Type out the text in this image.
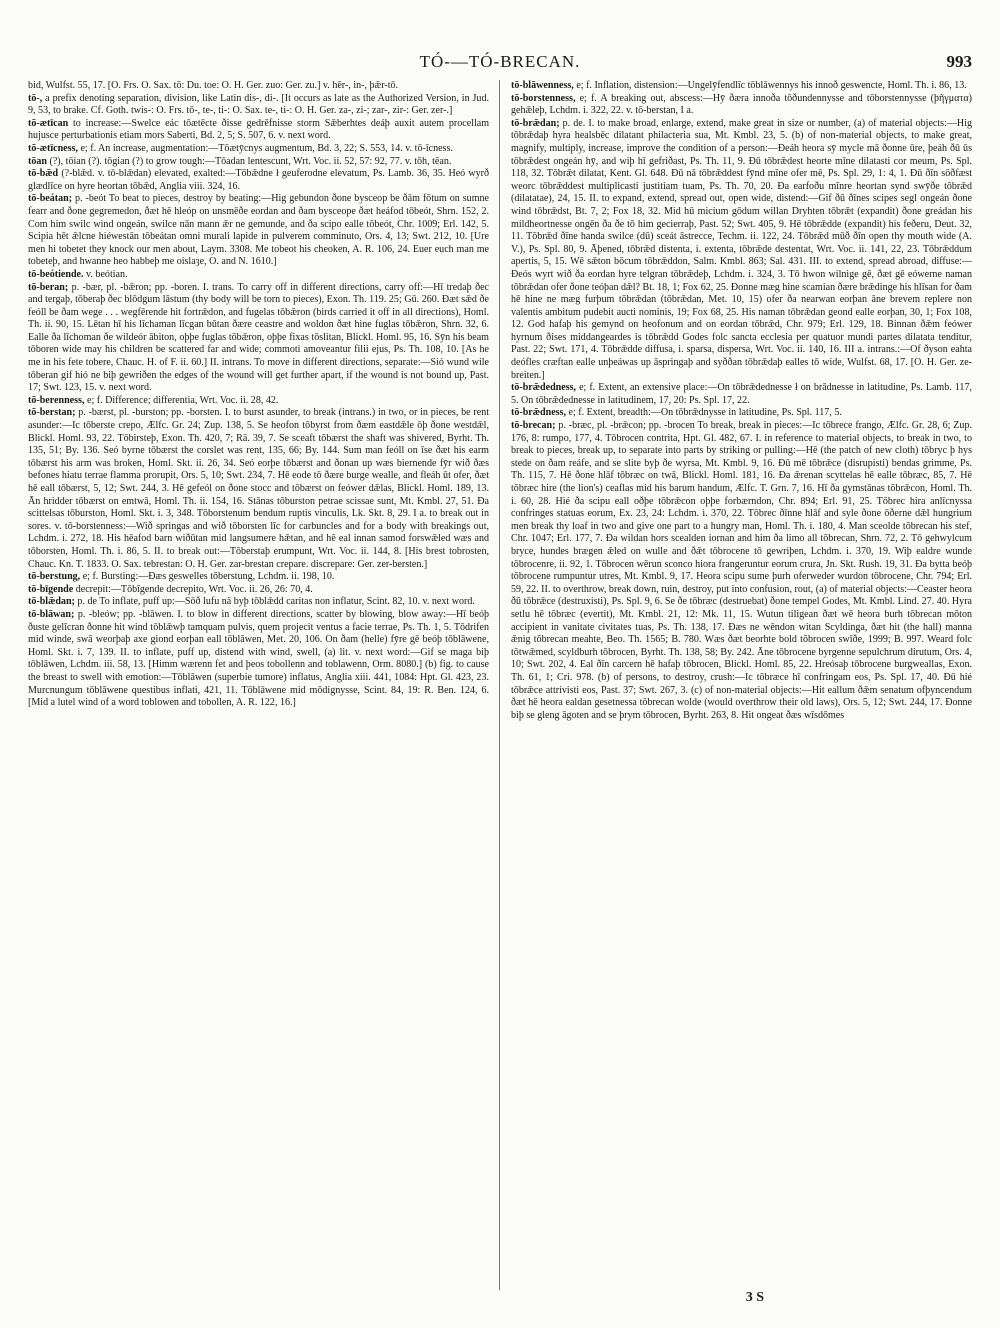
TÓ-—TÓ-BRECAN.	993

bid, Wulfst. 55, 17. [O. Frs. O. Sax. tō: Du. toe: O. H. Ger. zuo: Ger. zu.] v. hēr-, in-, þǣr-tō.

tō-, a prefix denoting separation, division, like Latin dis-, di-. [It occurs as late as the Authorized Version, in Jud. 9, 53, to brake. Cf. Goth. twis-: O. Frs. tō-, te-, ti-: O. Sax. te-, ti-: O. H. Ger. za-, zi-; zar-, zir-: Ger. zer-.]

tō-ætīcan to increase:—Swelce eác tōætēcte ðisse gedrēfnisse storm Sǣberhtes deáþ auxit autem procellam hujusce perturbationis etiam mors Saberti, Bd. 2, 5; S. 507, 6. v. next word.

tō-ætīcness, e; f. An increase, augmentation:—Tōætȳcnys augmentum, Bd. 3, 22; S. 553, 14. v. tō-īcness.

tōan (?), tōian (?). tōgian (?) to grow tough:—Tōadan lentescunt, Wrt. Voc. ii. 52, 57: 92, 77. v. tōh, tēan.

tō-bǣd (?-blǣd. v. tō-blǣdan) elevated, exalted:—Tōbǣdne ł geuferodne elevatum, Ps. Lamb. 36, 35. Heó wyrð glædlīce on hyre heortan tōbǣd, Anglia viii. 324, 16.

tō-beátan; p. -beót To beat to pieces, destroy by beating:—Hig gebundon ðone bysceop be ðām fōtum on sumne fearr and ðone gegremedon, ðæt hē hleóp on unsmēðe eordan and ðam bysceope ðæt heáfod tōbeót, Shrn. 152, 2. Com him swilc wind ongeán, swilce nān mann ǣr ne gemunde, and ða scipo ealle tōbeót, Chr. 1009; Erl. 142, 5. Scipia hēt ǣlcne hiéwestān tōbeátan omni murali lapide in pulverem comminuto, Ors. 4, 13; Swt. 212, 10. [Ure men hi tobetet they knock our men about, Laym. 3308. Me tobeot his cheoken, A. R. 106, 24. Euer euch man me tobeteþ, and hwanne heo habbeþ me oislaȝe, O. and N. 1610.]

tō-beótiende. v. beótian.

tō-beran; p. -bær, pl. -bǣron; pp. -boren. I. trans. To carry off in different directions, carry off:—Hī tredaþ ðec and tergaþ, tōberaþ ðec blōdgum lāstum (thy body will be torn to pieces), Exon. Th. 119. 25; Gū. 260. Ðæt sǣd ðe feóll be ðam wege . . . wegfērende hit fortrǣdon, and fugelas tōbǣron (birds carried it off in all directions), Homl. Th. ii. 90, 15. Lētan hī his līchaman līcgan būtan ðære ceastre and woldon ðæt hine fuglas tōbǣron, Shrn. 32, 6. Ealle ða līchoman ðe wildeór ābiton, oþþe fuglas tōbǣron, oþþe fixas tōslitan, Blickl. Homl. 95, 16. Sȳn his beam tōboren wide may his children be scattered far and wide; commoti amoveantur filii ejus, Ps. Th. 108, 10. [As he me in his fete tobere, Chauc. H. of F. ii. 60.] II. intrans. To move in different directions, separate:—Sió wund wile tōberan gif hió ne biþ gewriðen the edges of the wound will get further apart, if the wound is not bound up, Past. 17; Swt. 123, 15. v. next word.

tō-berenness, e; f. Difference; differentia, Wrt. Voc. ii. 28, 42.

tō-berstan; p. -bærst, pl. -burston; pp. -borsten. I. to burst asunder, to break (intrans.) in two, or in pieces, be rent asunder:—Ic tōberste crepo, Ælfc. Gr. 24; Zup. 138, 5. Se heofon tōbyrst from ðæm eastdǣle ōþ ðone westdǣl, Blickl. Homl. 93, 22. Tōbirsteþ, Exon. Th. 420, 7; Rä. 39, 7. Se sceaft tōbærst the shaft was shivered, Byrht. Th. 135, 51; By. 136. Seó byrne tōbærst the corslet was rent, 135, 66; By. 144. Sum man feóll on īse ðæt his earm tōbærst his arm was broken, Homl. Skt. ii. 26, 34. Seó eorþe tōbærst and ðonan up wæs biernende fȳr wið ðæs befones hiatu terrae flamma prorupit, Ors. 5, 10; Swt. 234, 7. Hē eode tō ðære burge wealle, and fleáh ūt ofer, ðæt hē eall tōbærst, 5, 12; Swt. 244, 3. Hē gefeól on ðone stocc and tōbærst on feówer dǣlas, Blickl. Homl. 189, 13. Ān hridder tōbærst on emtwā, Homl. Th. ii. 154, 16. Stānas tōburston petrae scissae sunt, Mt. Kmbl. 27, 51. Ða scittelsas tōburston, Homl. Skt. i. 3, 348. Tōborstenum bendum ruptis vinculis, Lk. Skt. 8, 29. I a. to break out in sores. v. tō-borstenness:—Wið springas and wið tōborsten līc for carbuncles and for a body with breakings out, Lchdm. i. 272, 18. His hēafod barn wiðūtan mid langsumere hǣtan, and hē eal innan samod forswǣled wæs and tōborsten, Homl. Th. i. 86, 5. II. to break out:—Tōberstaþ erumpunt, Wrt. Voc. ii. 144, 8. [His brest tobrosten, Chauc. Kn. T. 1833. O. Sax. tebrestan: O. H. Ger. zar-brestan crepare. discrepare: Ger. zer-bersten.]

tō-berstung, e; f. Bursting:—Ðæs geswelles tōberstung, Lchdm. ii. 198, 10.

tō-bīgende decrepit:—Tōbīgende decrepito, Wrt. Voc. ii. 26, 26: 70, 4.

tō-blǣdan; p. de To inflate, puff up:—Sōð lufu nā byþ tōblǣdd caritas non inflatur, Scint. 82, 10. v. next word.

tō-blāwan; p. -bleów; pp. -blāwen. I. to blow in different directions, scatter by blowing, blow away:—Hī beóþ ðuste gelīcran ðonne hit wind tōblǣwþ tamquam pulvis, quem projecit ventus a facie terrae, Ps. Th. 1, 5. Tōdrifen mid winde, swā weorþaþ axe giond eorþan eall tōblāwen, Met. 20, 106. On ðam (helle) fȳre gē beóþ tōblāwene, Homl. Skt. i. 7, 139. II. to inflate, puff up, distend with wind, swell, (a) lit. v. next word:—Gif se maga biþ tōblāwen, Lchdm. iii. 58, 13. [Himm wærenn fet and þeos tobollenn and toblawenn, Orm. 8080.] (b) fig. to cause the breast to swell with emotion:—Tōblāwen (superbie tumore) inflatus, Anglia xiii. 441, 1084: Hpt. Gl. 423, 23. Murcnungum tōblāwene questibus inflati, 421, 11. Tōblāwene mid mōdignysse, Scint. 84, 19: R. Ben. 124, 6. [Mid a lutel wind of a word toblowen and tobollen, A. R. 122, 16.]

tō-blāwenness, e; f. Inflation, distension:—Ungelȳfendlīc tōblāwennys his innoð geswencte, Homl. Th. i. 86, 13.

tō-borstenness, e; f. A breaking out, abscess:—Hȳ ðæra innoða tōðundennysse and tōborstennysse (þῆγματα) gehǣleþ, Lchdm. i. 322, 22. v. tō-berstan, I a.

tō-brǣdan; p. de. I. to make broad, enlarge, extend, make great in size or number, (a) of material objects:—Hig tōbrǣdaþ hyra healsbēc dilatant philacteria sua, Mt. Kmbl. 23, 5. (b) of non-material objects, to make great, magnify, multiply, increase, improve the condition of a person:—Ðeáh heora sȳ mycle mā ðonne ūre, þeáh ðū ūs tōbrǣdest ongeán hȳ, and wiþ hī gefriðast, Ps. Th. 11, 9. Ðū tōbrǣdest heorte mīne dilatasti cor meum, Ps. Spl. 118, 32. Tōbrǣt dilatat, Kent. Gl. 648. Ðū nā tōbrǣddest fȳnd mīne ofer mē, Ps. Spl. 29, 1: 4, 1. Ðū ðīn sōðfæst weorc tōbrǣddest multiplicasti justitiam tuam, Ps. Th. 70, 20. Ða earfoðu mīnre heortan synd swȳðe tōbrǣd (dilatatae), 24, 15. II. to expand, extend, spread out, open wide, distend:—Gif ðū ðīnes scipes segl ongeán ðone wind tōbrǣdst, Bt. 7, 2; Fox 18, 32. Mid hū micium gōdum willan Dryhten tōbrǣt (expandit) ðone greádan his mildheortnesse ongēn ða ðe tō him gecierraþ, Past. 52; Swt. 405, 9. Hē tōbrǣdde (expandit) his feðeru, Deut. 32, 11. Tōbrǣd ðīne handa swilce (dū) sceát āstrecce, Techm. ii. 122, 24. Tōbrǣd mūð ðīn open thy mouth wide (A. V.), Ps. Spl. 80, 9. Āþened, tōbrǣd distenta, i. extenta, tōbrǣde destentat, Wrt. Voc. ii. 141, 22, 23. Tōbrǣddum apertis, 5, 15. Wē sǣton bōcum tōbrǣddon, Salm. Kmbl. 863; Sal. 431. III. to extend, spread abroad, diffuse:—Ðeós wyrt wið ða eordan hyre telgran tōbrǣdeþ, Lchdm. i. 324, 3. Tō hwon wilnige gē, ðæt gē eówerne naman tōbrǣdan ofer ðone teóþan dǣl? Bt. 18, 1; Fox 62, 25. Ðonne mæg hine scamian ðære brǣdinge his hlīsan for ðam hē hine ne mæg furþum tōbrǣdan (tōbrǣdan, Met. 10, 15) ofer ða nearwan eorþan āne brevem replere non valentis ambitum pudebit aucti nominis, 19; Fox 68, 25. His naman tōbrǣdan geond ealle eorþan, 30, 1; Fox 108, 12. God hafaþ his gemynd on heofonum and on eordan tōbrǣd, Chr. 979; Erl. 129, 18. Binnan ðǣm feówer hyrnum ðises middangeardes is tōbrǣdd Godes folc sancta ecclesia per quatuor mundi partes dilatata tenditur, Past. 22; Swt. 171, 4. Tōbrǣdde diffusa, i. sparsa, dispersa, Wrt. Voc. ii. 140, 16. III a. intrans.:—Of ðyson eahta deófles cræftan ealle unþeáwas up āspringaþ and syððan tōbrǣdaþ ealles tō wide, Wulfst. 68, 17. [O. H. Ger. ze-breiten.]

tō-brǣdedness, e; f. Extent, an extensive place:—On tōbrǣdednesse ł on brādnesse in latitudine, Ps. Lamb. 117, 5. On tōbrǣdednesse in latitudinem, 17, 20: Ps. Spl. 17, 22.

tō-brǣdness, e; f. Extent, breadth:—On tōbrǣdnysse in latitudine, Ps. Spl. 117, 5.

tō-brecan; p. -bræc, pl. -brǣcon; pp. -brocen To break, break in pieces:—Ic tōbrece frango, Ælfc. Gr. 28, 6; Zup. 176, 8: rumpo, 177, 4. Tōbrocen contrita, Hpt. Gl. 482, 67. I. in reference to material objects, to break in two, to break to pieces, break up, to separate into parts by striking or pulling:—Hē (the patch of new cloth) tōbryc þ hys stede on ðam reáfe, and se slite byþ ðe wyrsa, Mt. Kmbl. 9, 16. Ðū mē tōbrǣce (disrupisti) bendas grimme, Ps. Th. 115, 7. Hē ðone hlāf tōbræc on twā, Blickl. Homl. 181, 16. Ða ǣrenan scyttelas hē ealle tōbræc, 85, 7. Hē tōbræc hire (the lion's) ceaflas mid his barum handum, Ælfc. T. Grn. 7, 16. Hī ða gymstānas tōbrǣcon, Homl. Th. i. 60, 28. Hié ða scipu eall oðþe tōbrǣcon oþþe forbærndon, Chr. 894; Erl. 91, 25. Tōbrec hira anlīcnyssa confringes statuas eorum, Ex. 23, 24: Lchdm. i. 370, 22. Tōbrec ðīnne hlāf and syle ðone ōðerne dǣl hungrium men break thy loaf in two and give one part to a hungry man, Homl. Th. i. 180, 4. Man sceolde tōbrecan his stef, Chr. 1047; Erl. 177, 7. Ða wildan hors scealden iornan and him ða limo all tōbrecan, Shrn. 72, 2. Tō gehwylcum bryce, hundes brægen ǣled on wulle and ðǣt tōbrocene tō gewriþen, Lchdm. i. 370, 19. Wiþ ealdre wunde tōbrocenre, ii. 92, 1. Tōbrocen wērun sconco hiora frangeruntur eorum crura, Jn. Skt. Rush. 19, 31. Ða bytta beóþ tōbrocene rumpuntur utres, Mt. Kmbl. 9, 17. Heora scipu sume þurh oferweder wurdon tōbrocene, Chr. 794; Erl. 59, 22. II. to overthrow, break down, ruin, destroy, put into confusion, rout, (a) of material objects:—Ceaster heora ðū tōbrǣce (destruxisti), Ps. Spl. 9, 6. Se ðe tōbræc (destruebat) ðone tempel Godes, Mt. Kmbl. Lind. 27. 40. Hyra setlu hē tōbræc (evertit), Mt. Kmbl. 21, 12: Mk. 11, 15. Wutun tiligean ðæt wē heora burh tōbrecan mōton accipient in vanitate civitates tuas, Ps. Th. 138, 17. Ðæs ne wēndon witan Scyldinga, ðæt hit (the hall) manna ǣnig tōbrecan meahte, Beo. Th. 1565; B. 780. Wæs ðæt beorhte bold tōbrocen swīðe, 1999; B. 997. Weard folc tōtwǣmed, scyldburh tōbrocen, Byrht. Th. 138, 58; By. 242. Āne tōbrocene byrgenne sepulchrum dirutum, Ors. 4, 10; Swt. 202, 4. Eal ðīn carcern hē hafaþ tōbrocen, Blickl. Homl. 85, 22. Hreósaþ tōbrocene burgweallas, Exon. Th. 61, 1; Cri. 978. (b) of persons, to destroy, crush:—Ic tōbræce hī confringam eos, Ps. Spl. 17, 40. Ðū hié tōbrǣce attrivisti eos, Past. 37; Swt. 267, 3. (c) of non-material objects:—Hit eallum ðǣm senatum ofþyncendum ðæt hē heora ealdan gesetnessa tōbrecan wolde (would overthrow their old laws), Ors. 5, 12; Swt. 244, 17. Ðonne biþ se gleng āgoten and se þrym tōbrocen, Byrht. 263, 8. Hit ongeat ðæs wīsdōmes

3 S
